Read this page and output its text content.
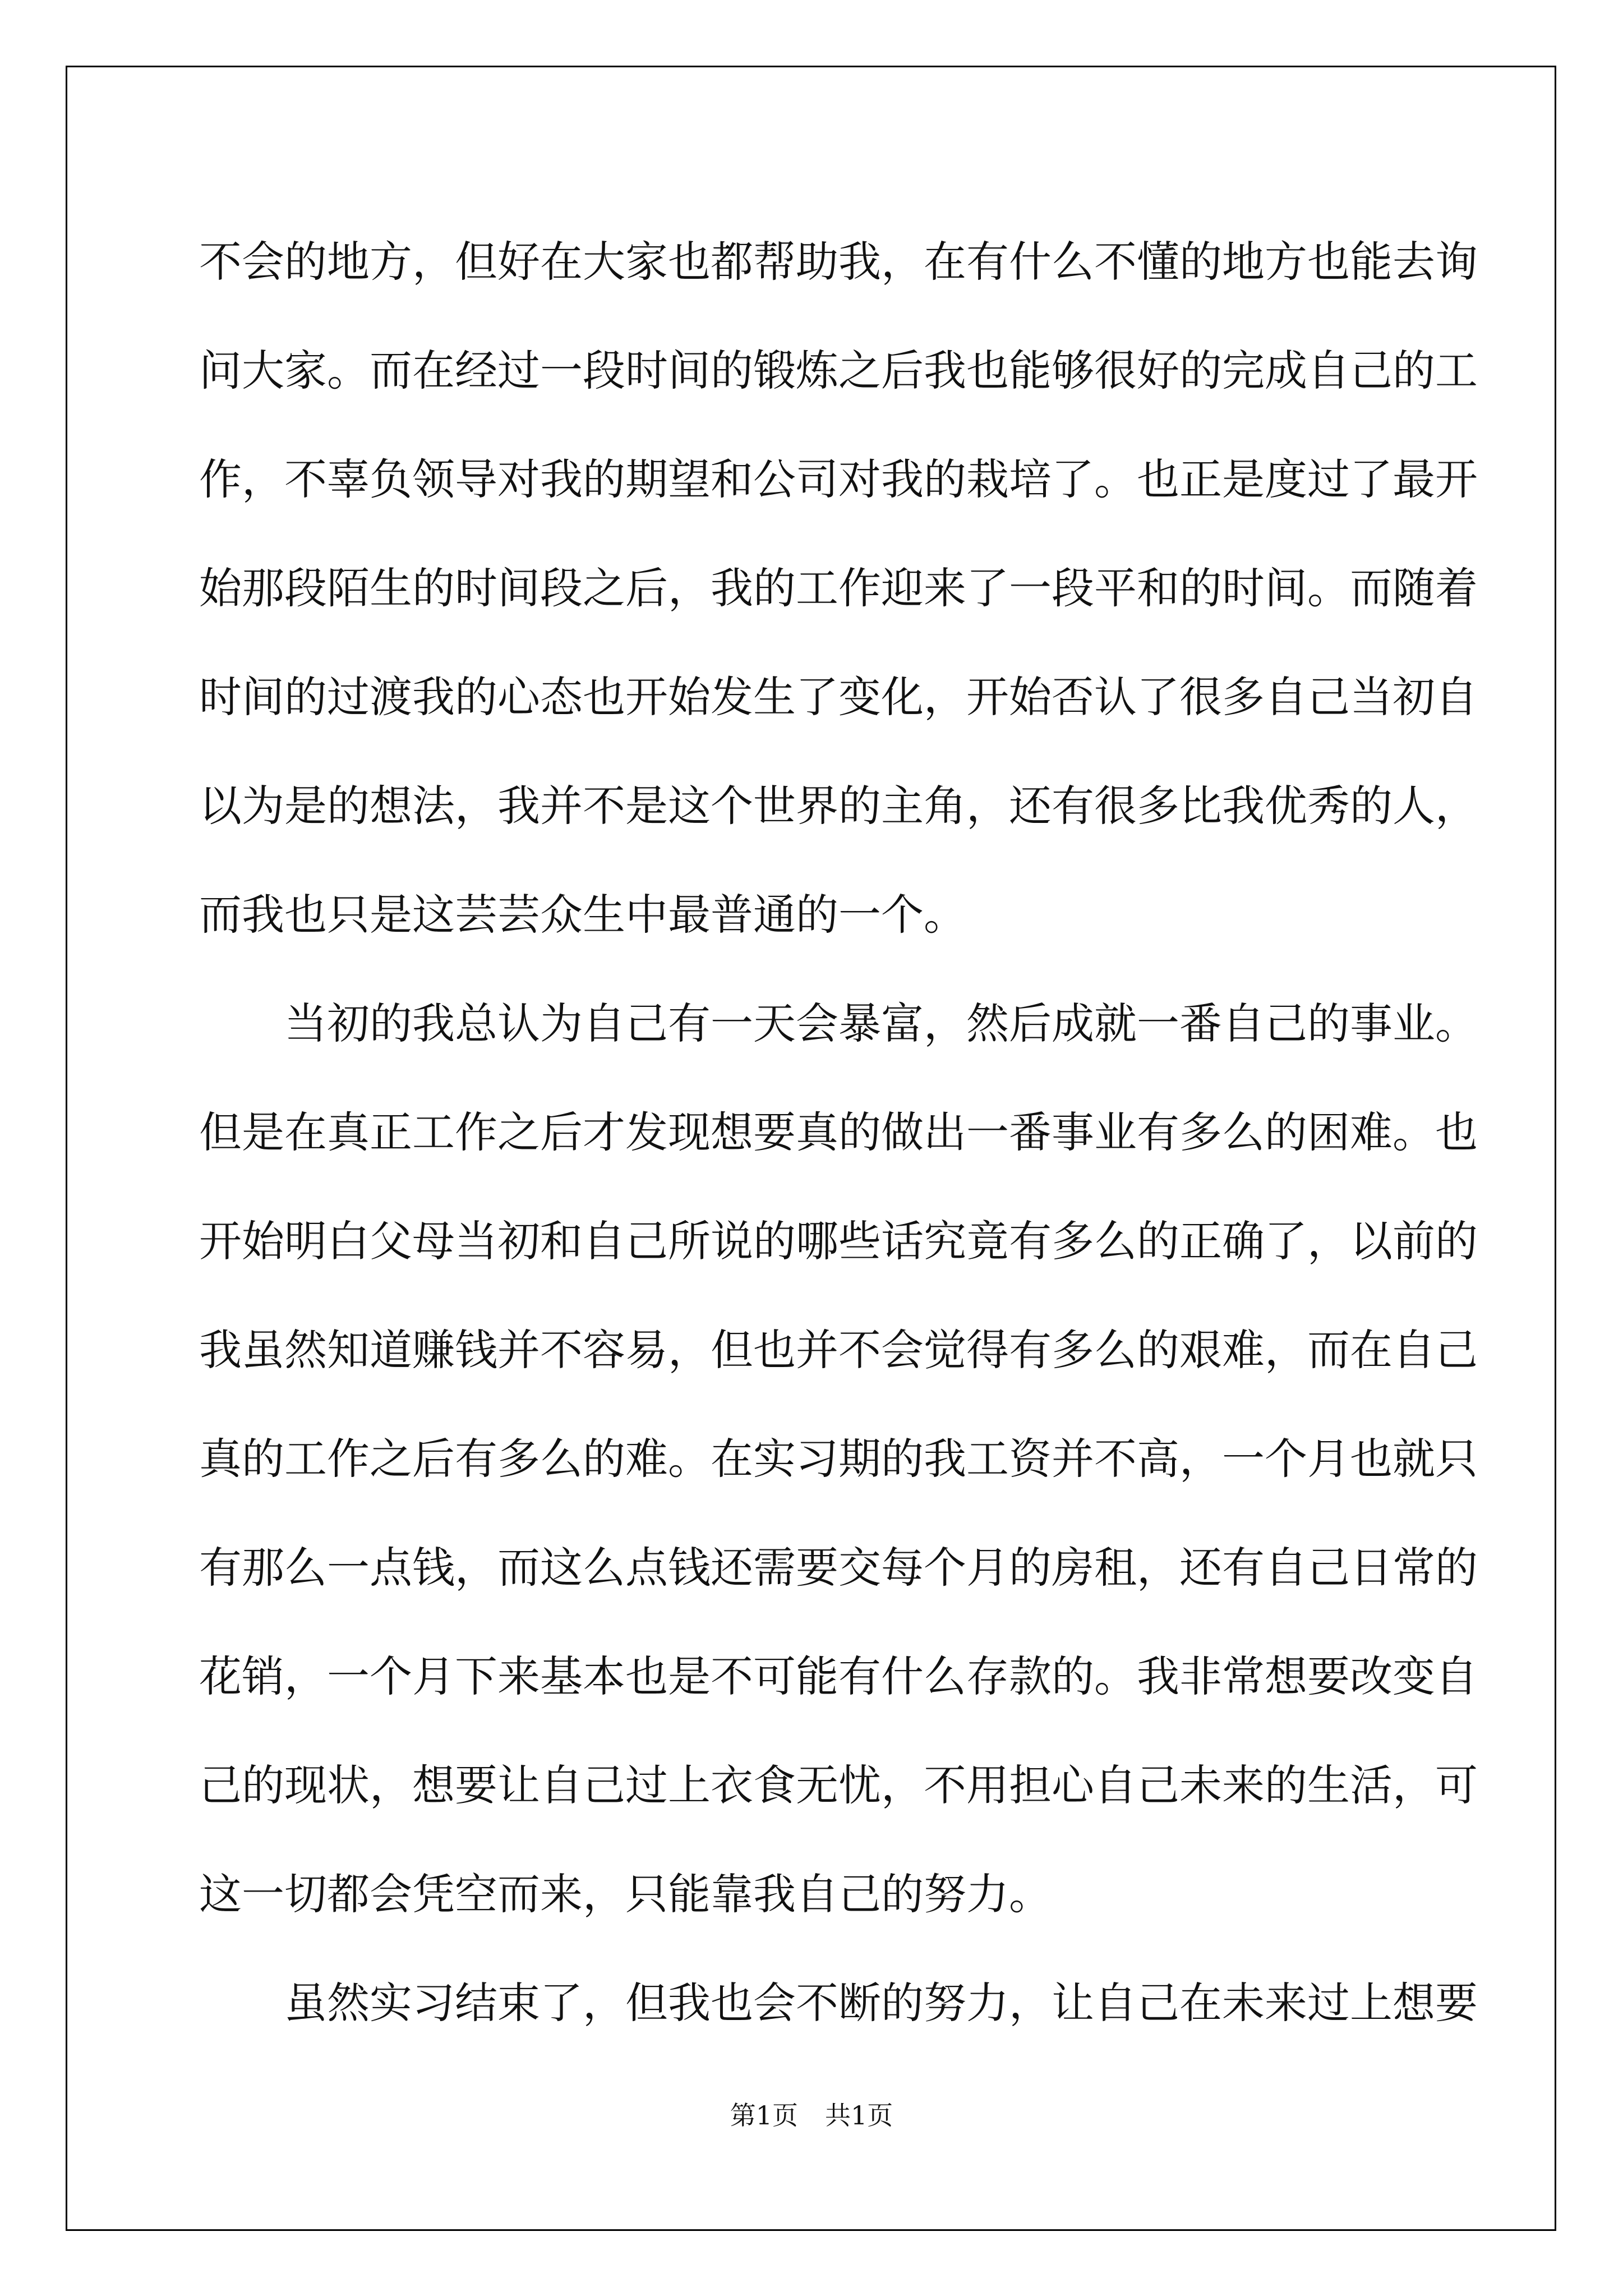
不会的地方，但好在大家也都帮助我，在有什么不懂的地方也能去询
问大家。而在经过一段时间的锻炼之后我也能够很好的完成自己的工
作，不辜负领导对我的期望和公司对我的栽培了。也正是度过了最开
始那段陌生的时间段之后，我的工作迎来了一段平和的时间。而随着
时间的过渡我的心态也开始发生了变化，开始否认了很多自己当初自
以为是的想法，我并不是这个世界的主角，还有很多比我优秀的人，
而我也只是这芸芸众生中最普通的一个。
当初的我总认为自己有一天会暴富，然后成就一番自己的事业。
但是在真正工作之后才发现想要真的做出一番事业有多么的困难。也
开始明白父母当初和自己所说的哪些话究竟有多么的正确了，以前的
我虽然知道赚钱并不容易，但也并不会觉得有多么的艰难，而在自己
真的工作之后有多么的难。在实习期的我工资并不高，一个月也就只
有那么一点钱，而这么点钱还需要交每个月的房租，还有自己日常的
花销，一个月下来基本也是不可能有什么存款的。我非常想要改变自
己的现状，想要让自己过上衣食无忧，不用担心自己未来的生活，可
这一切都会凭空而来，只能靠我自己的努力。
虽然实习结束了，但我也会不断的努力，让自己在未来过上想要
第1页 共1页
